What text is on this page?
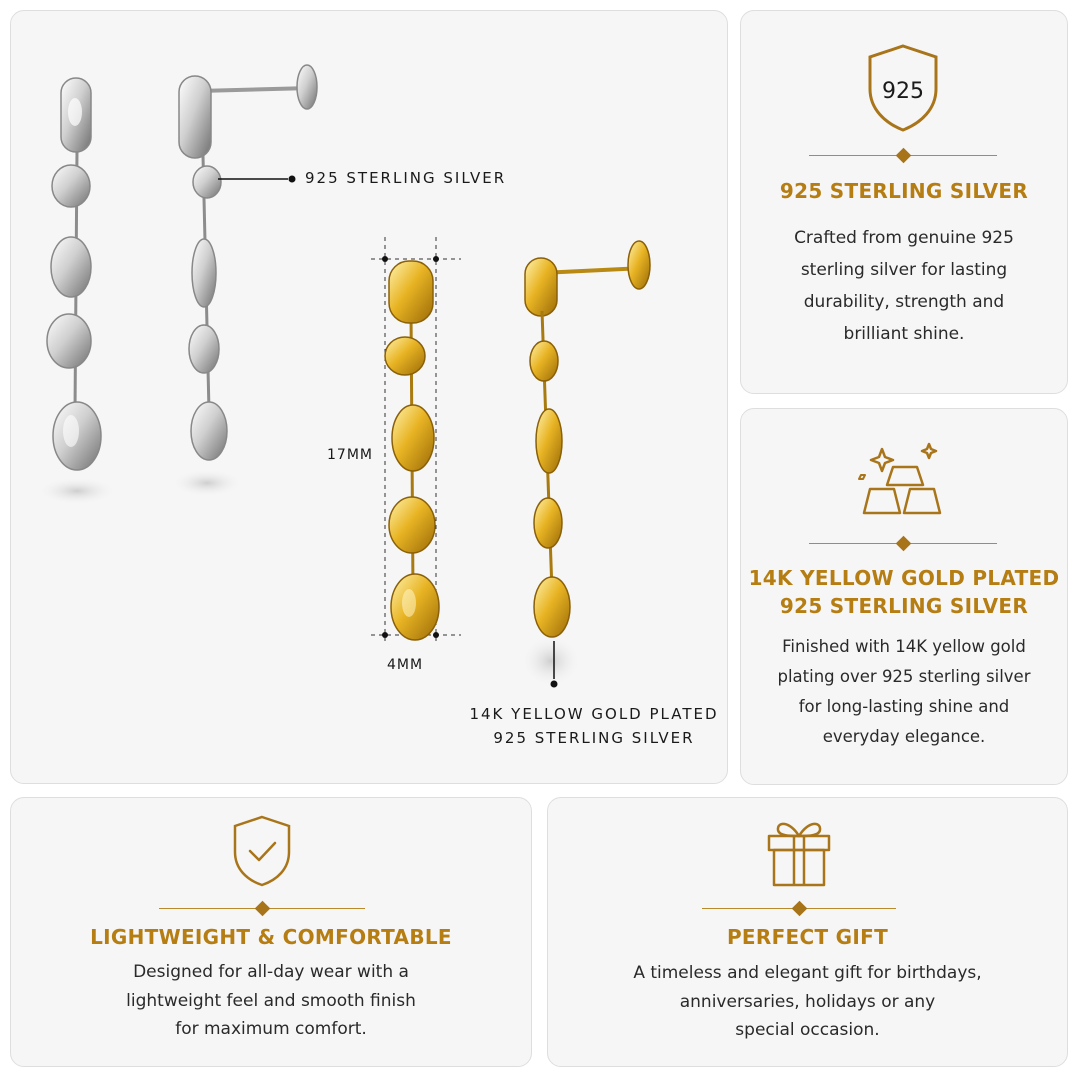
925 STERLING SILVER
14K YELLOW GOLD PLATED
925 STERLING SILVER
17MM
4MM
925
925 STERLING SILVER
Crafted from genuine 925
sterling silver for lasting
durability, strength and
brilliant shine.
14K YELLOW GOLD PLATED
925 STERLING SILVER
Finished with 14K yellow gold
plating over 925 sterling silver
for long-lasting shine and
everyday elegance.
LIGHTWEIGHT & COMFORTABLE
Designed for all-day wear with a
lightweight feel and smooth finish
for maximum comfort.
PERFECT GIFT
A timeless and elegant gift for birthdays,
anniversaries, holidays or any
special occasion.
